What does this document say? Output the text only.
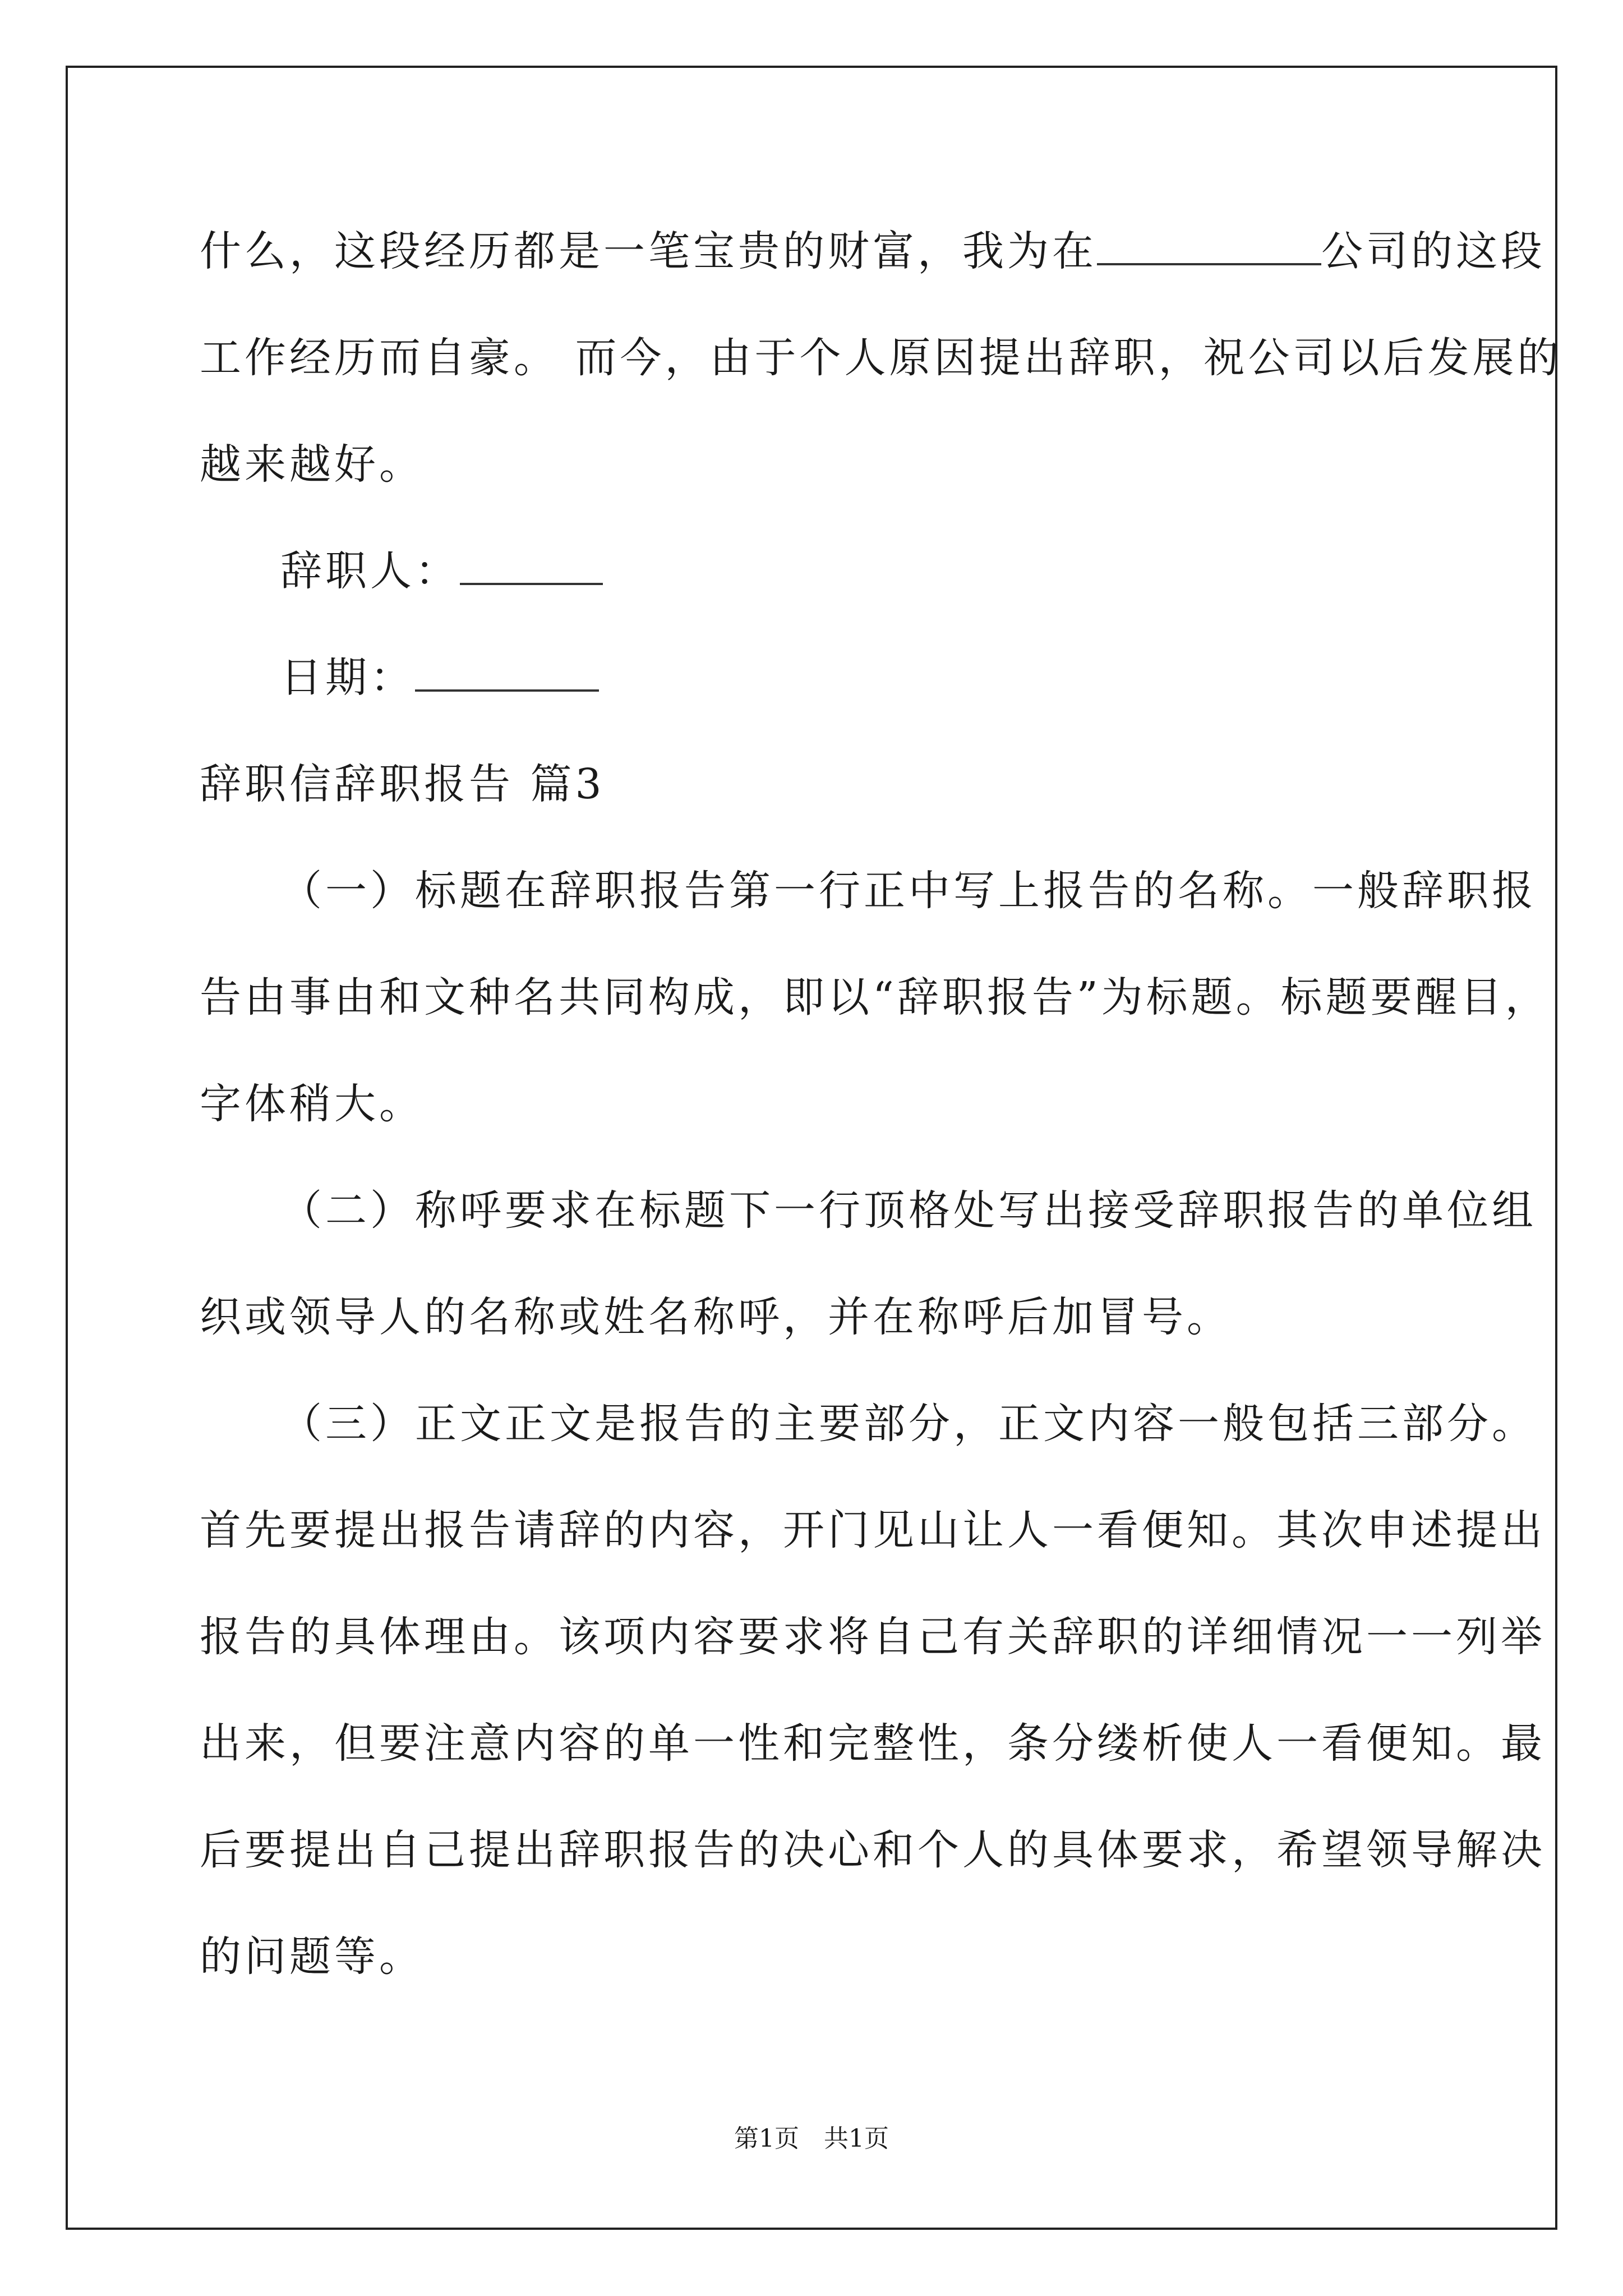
什么，这段经历都是一笔宝贵的财富，我为在	公司的这段
工作经历而自豪。 而今，由于个人原因提出辞职，祝公司以后发展的
越来越好。
辞职人：
日期：
辞职信辞职报告 篇3
（一）标题在辞职报告第一行正中写上报告的名称。一般辞职报
告由事由和文种名共同构成，即以“辞职报告”为标题。标题要醒目，
字体稍大。
（二）称呼要求在标题下一行顶格处写出接受辞职报告的单位组
织或领导人的名称或姓名称呼，并在称呼后加冒号。
（三）正文正文是报告的主要部分，正文内容一般包括三部分。
首先要提出报告请辞的内容，开门见山让人一看便知。其次申述提出
报告的具体理由。该项内容要求将自己有关辞职的详细情况一一列举
出来，但要注意内容的单一性和完整性，条分缕析使人一看便知。最
后要提出自己提出辞职报告的决心和个人的具体要求，希望领导解决
的问题等。
第1页　共1页
